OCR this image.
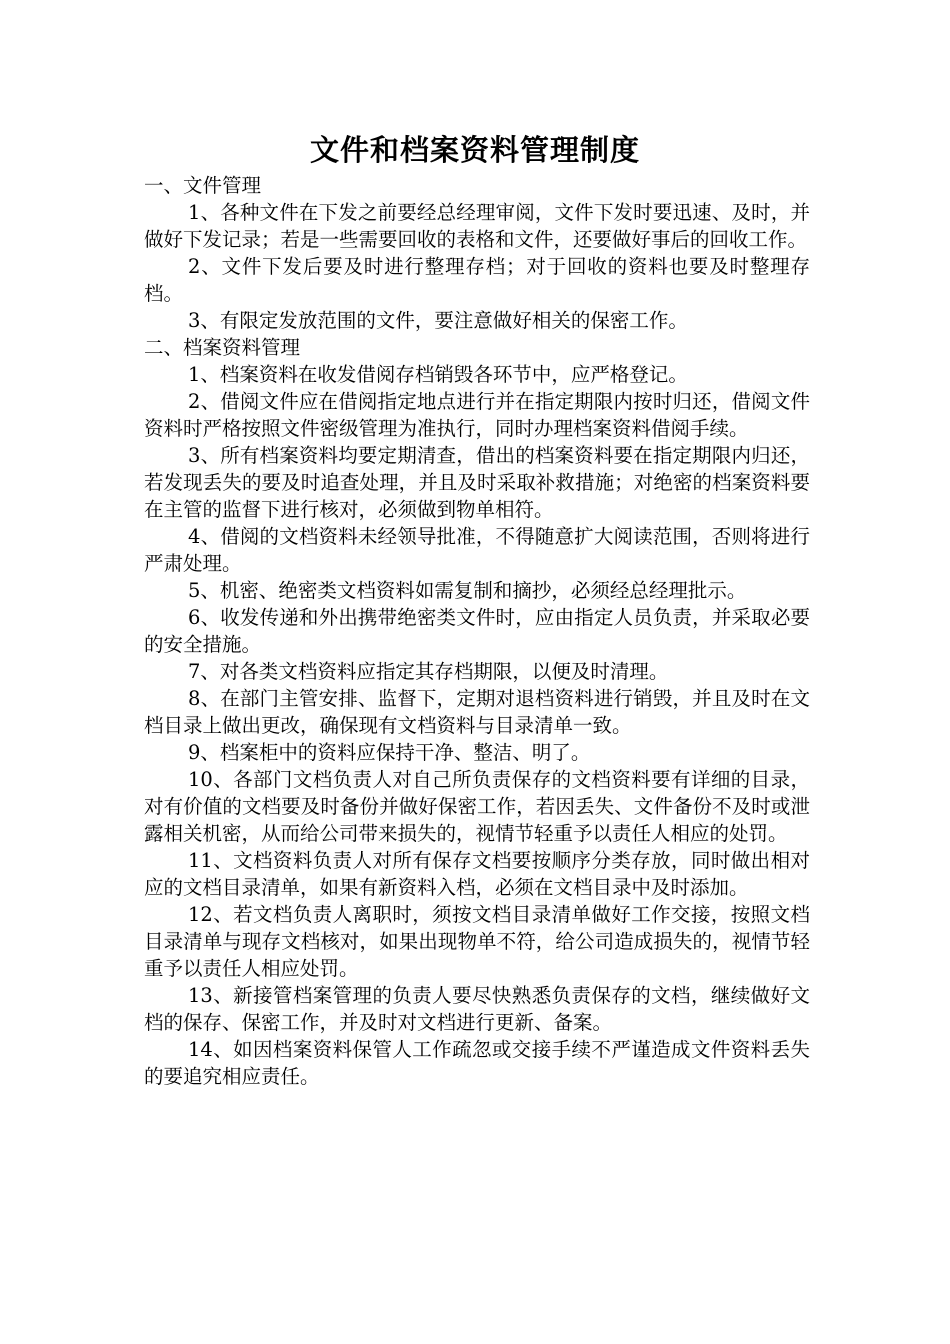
文件和档案资料管理制度

一、文件管理

1、各种文件在下发之前要经总经理审阅，文件下发时要迅速、及时，并做好下发记录；若是一些需要回收的表格和文件，还要做好事后的回收工作。

2、文件下发后要及时进行整理存档；对于回收的资料也要及时整理存档。

3、有限定发放范围的文件，要注意做好相关的保密工作。

二、档案资料管理

1、档案资料在收发借阅存档销毁各环节中，应严格登记。

2、借阅文件应在借阅指定地点进行并在指定期限内按时归还，借阅文件资料时严格按照文件密级管理为准执行，同时办理档案资料借阅手续。

3、所有档案资料均要定期清查，借出的档案资料要在指定期限内归还，若发现丢失的要及时追查处理，并且及时采取补救措施；对绝密的档案资料要在主管的监督下进行核对，必须做到物单相符。

4、借阅的文档资料未经领导批准，不得随意扩大阅读范围，否则将进行严肃处理。

5、机密、绝密类文档资料如需复制和摘抄，必须经总经理批示。

6、收发传递和外出携带绝密类文件时，应由指定人员负责，并采取必要的安全措施。

7、对各类文档资料应指定其存档期限，以便及时清理。

8、在部门主管安排、监督下，定期对退档资料进行销毁，并且及时在文档目录上做出更改，确保现有文档资料与目录清单一致。

9、档案柜中的资料应保持干净、整洁、明了。

10、各部门文档负责人对自己所负责保存的文档资料要有详细的目录，对有价值的文档要及时备份并做好保密工作，若因丢失、文件备份不及时或泄露相关机密，从而给公司带来损失的，视情节轻重予以责任人相应的处罚。

11、文档资料负责人对所有保存文档要按顺序分类存放，同时做出相对应的文档目录清单，如果有新资料入档，必须在文档目录中及时添加。

12、若文档负责人离职时，须按文档目录清单做好工作交接，按照文档目录清单与现存文档核对，如果出现物单不符，给公司造成损失的，视情节轻重予以责任人相应处罚。

13、新接管档案管理的负责人要尽快熟悉负责保存的文档，继续做好文档的保存、保密工作，并及时对文档进行更新、备案。

14、如因档案资料保管人工作疏忽或交接手续不严谨造成文件资料丢失的要追究相应责任。
